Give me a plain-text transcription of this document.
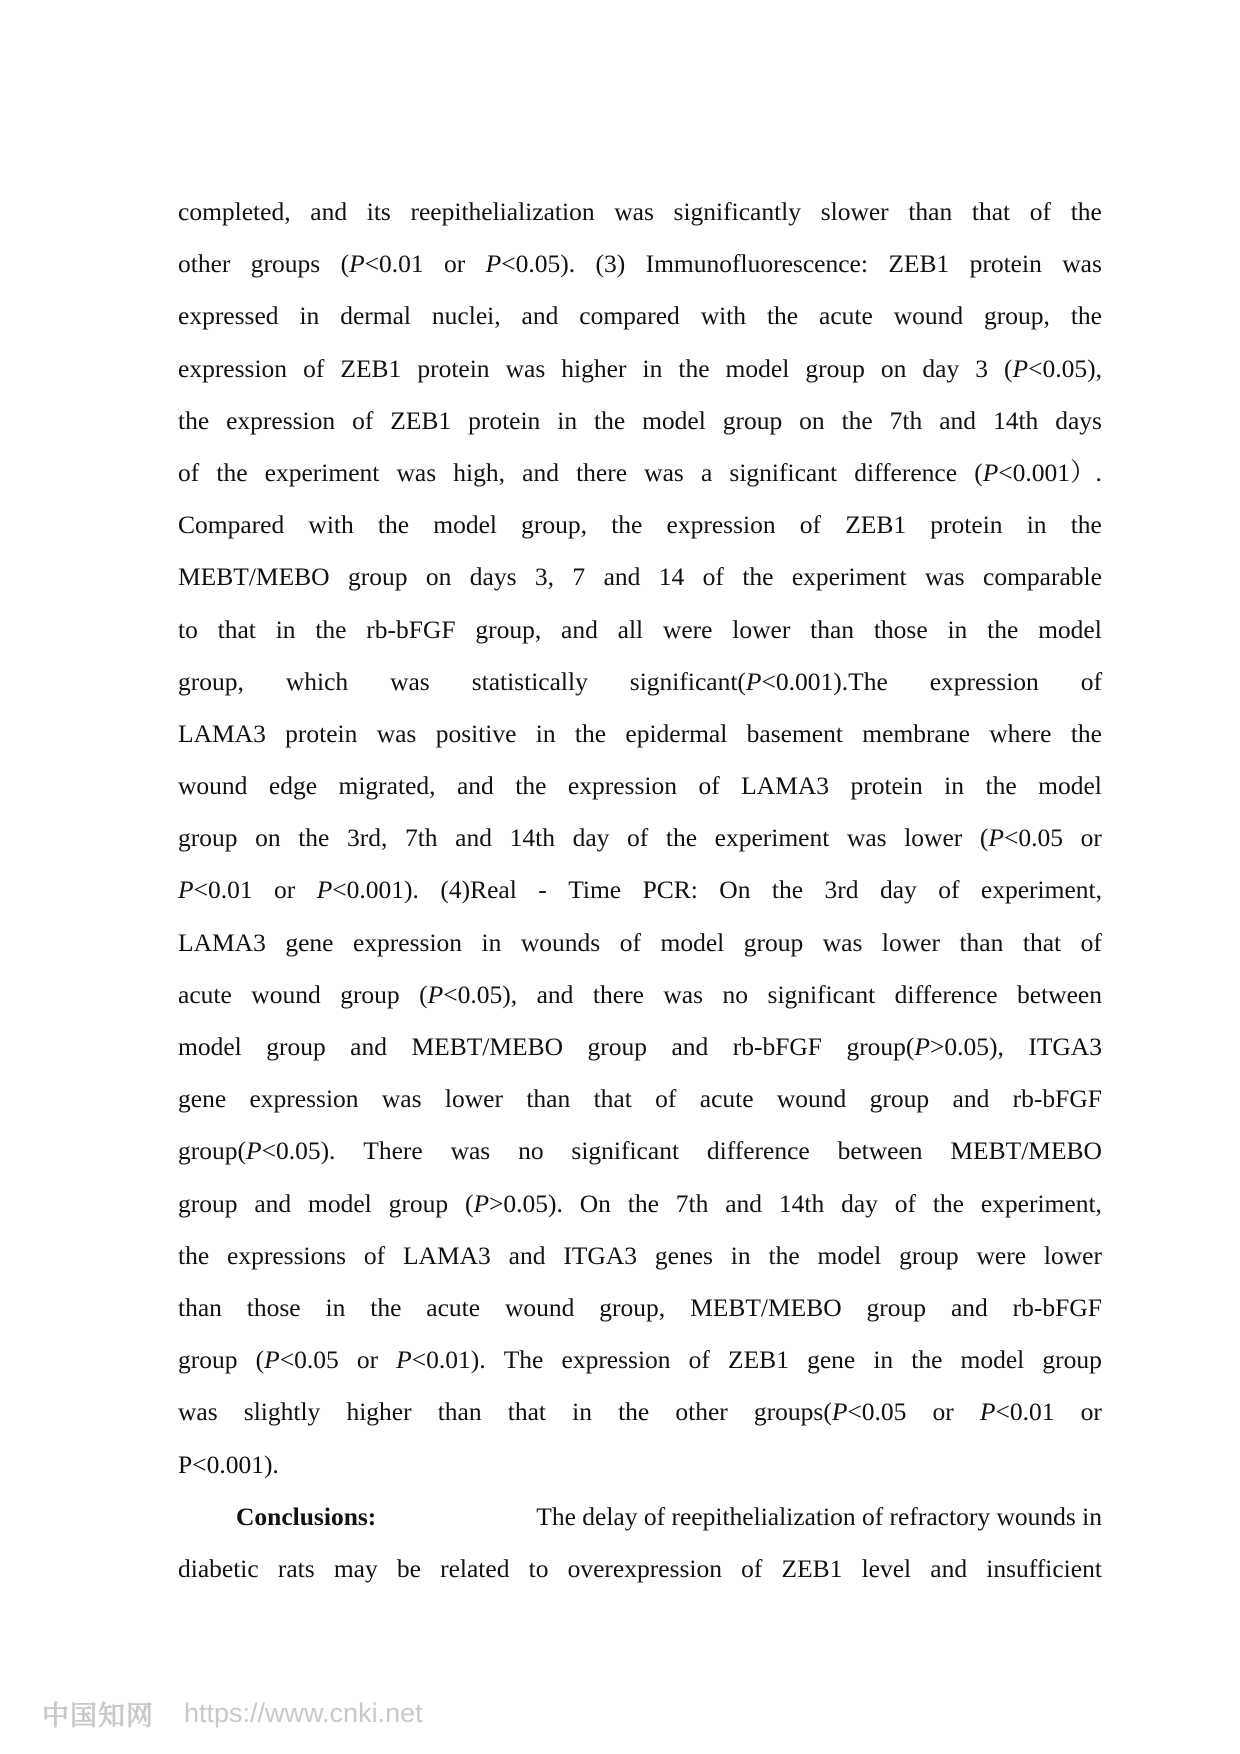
completed, and its reepithelialization was significantly slower than that of the
other groups (P<0.01 or P<0.05). (3) Immunofluorescence: ZEB1 protein was
expressed in dermal nuclei, and compared with the acute wound group, the
expression of ZEB1 protein was higher in the model group on day 3 (P<0.05),
the expression of ZEB1 protein in the model group on the 7th and 14th days
of the experiment was high, and there was a significant difference (P<0.001）.
Compared with the model group, the expression of ZEB1 protein in the
MEBT/MEBO group on days 3, 7 and 14 of the experiment was comparable
to that in the rb-bFGF group, and all were lower than those in the model
group, which was statistically significant(P<0.001).The expression of
LAMA3 protein was positive in the epidermal basement membrane where the
wound edge migrated, and the expression of LAMA3 protein in the model
group on the 3rd, 7th and 14th day of the experiment was lower (P<0.05 or
P<0.01 or P<0.001). (4)Real - Time PCR: On the 3rd day of experiment,
LAMA3 gene expression in wounds of model group was lower than that of
acute wound group (P<0.05), and there was no significant difference between
model group and MEBT/MEBO group and rb-bFGF group(P>0.05), ITGA3
gene expression was lower than that of acute wound group and rb-bFGF
group(P<0.05). There was no significant difference between MEBT/MEBO
group and model group (P>0.05). On the 7th and 14th day of the experiment,
the expressions of LAMA3 and ITGA3 genes in the model group were lower
than those in the acute wound group, MEBT/MEBO group and rb-bFGF
group (P<0.05 or P<0.01). The expression of ZEB1 gene in the model group
was slightly higher than that in the other groups(P<0.05 or P<0.01 or
P<0.001).
Conclusions:	The delay of reepithelialization of refractory wounds in
diabetic rats may be related to overexpression of ZEB1 level and insufficient
中国知网 https://www.cnki.net
